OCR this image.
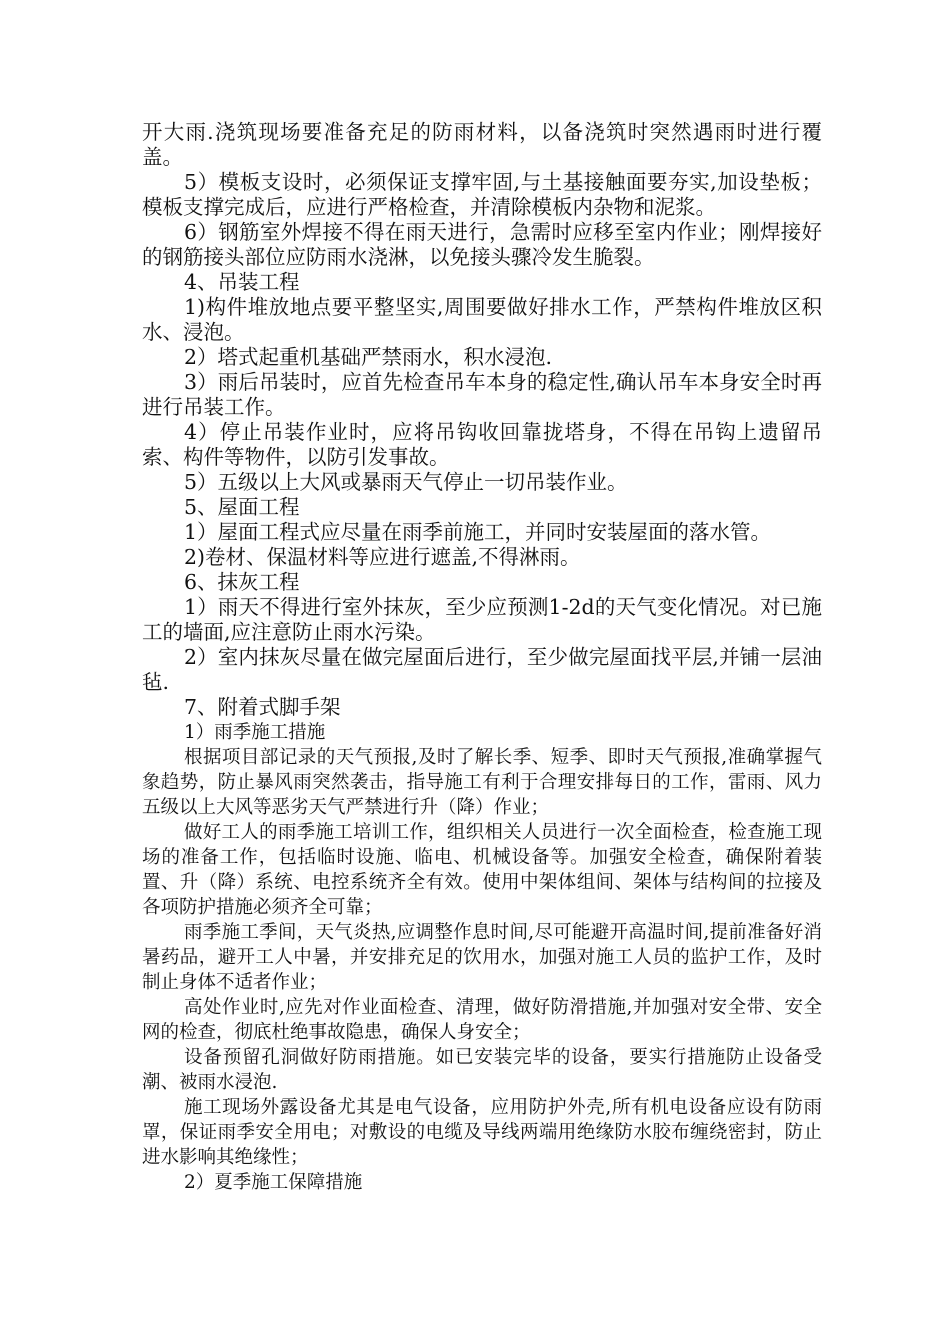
开大雨.浇筑现场要准备充足的防雨材料，以备浇筑时突然遇雨时进行覆盖。

5）模板支设时，必须保证支撑牢固,与土基接触面要夯实,加设垫板；模板支撑完成后，应进行严格检查，并清除模板内杂物和泥浆。

6）钢筋室外焊接不得在雨天进行，急需时应移至室内作业；刚焊接好的钢筋接头部位应防雨水浇淋，以免接头骤冷发生脆裂。

4、吊装工程

1)构件堆放地点要平整坚实,周围要做好排水工作，严禁构件堆放区积水、浸泡。

2）塔式起重机基础严禁雨水，积水浸泡.

3）雨后吊装时，应首先检查吊车本身的稳定性,确认吊车本身安全时再进行吊装工作。

4）停止吊装作业时，应将吊钩收回靠拢塔身，不得在吊钩上遗留吊索、构件等物件，以防引发事故。

5）五级以上大风或暴雨天气停止一切吊装作业。

5、屋面工程

1）屋面工程式应尽量在雨季前施工，并同时安装屋面的落水管。

2)卷材、保温材料等应进行遮盖,不得淋雨。

6、抹灰工程

1）雨天不得进行室外抹灰，至少应预测1-2d的天气变化情况。对已施工的墙面,应注意防止雨水污染。

2）室内抹灰尽量在做完屋面后进行，至少做完屋面找平层,并铺一层油毡.

7、附着式脚手架

1）雨季施工措施

根据项目部记录的天气预报,及时了解长季、短季、即时天气预报,准确掌握气象趋势，防止暴风雨突然袭击，指导施工有利于合理安排每日的工作，雷雨、风力五级以上大风等恶劣天气严禁进行升（降）作业；

做好工人的雨季施工培训工作，组织相关人员进行一次全面检查，检查施工现场的准备工作，包括临时设施、临电、机械设备等。加强安全检查，确保附着装置、升（降）系统、电控系统齐全有效。使用中架体组间、架体与结构间的拉接及各项防护措施必须齐全可靠；

雨季施工季间，天气炎热,应调整作息时间,尽可能避开高温时间,提前准备好消暑药品，避开工人中暑，并安排充足的饮用水，加强对施工人员的监护工作，及时制止身体不适者作业；

高处作业时,应先对作业面检查、清理，做好防滑措施,并加强对安全带、安全网的检查，彻底杜绝事故隐患，确保人身安全；

设备预留孔洞做好防雨措施。如已安装完毕的设备，要实行措施防止设备受潮、被雨水浸泡.

施工现场外露设备尤其是电气设备，应用防护外壳,所有机电设备应设有防雨罩，保证雨季安全用电；对敷设的电缆及导线两端用绝缘防水胶布缠绕密封，防止进水影响其绝缘性；

2）夏季施工保障措施
